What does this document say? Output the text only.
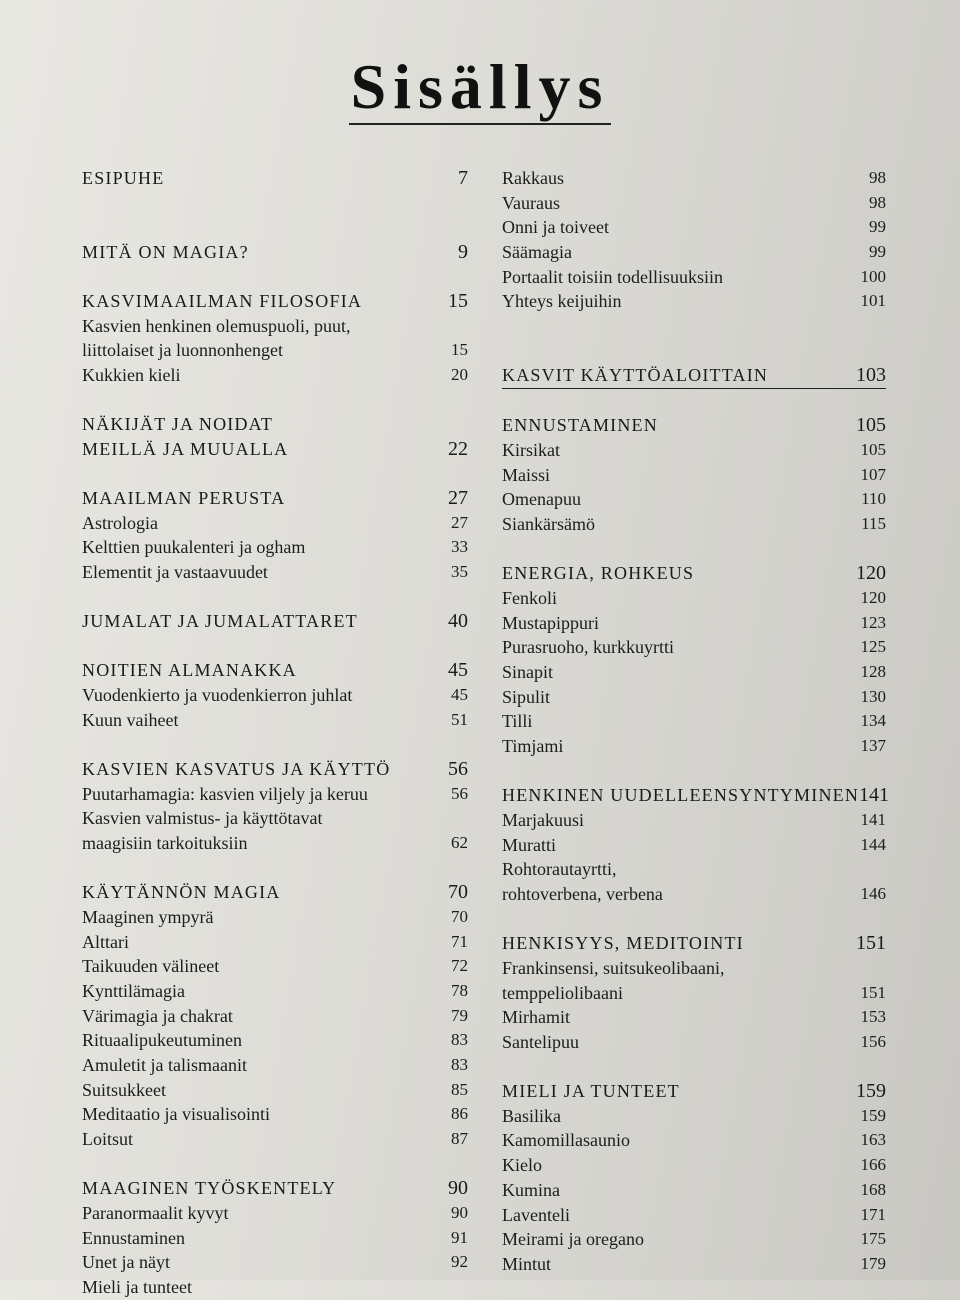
Sisällys
ESIPUHE	7
MITÄ ON MAGIA?	9
KASVIMAAILMAN FILOSOFIA	15
Kasvien henkinen olemuspuoli, puut,
liittolaiset ja luonnonhenget	15
Kukkien kieli	20
NÄKIJÄT JA NOIDAT
MEILLÄ JA MUUALLA	22
MAAILMAN PERUSTA	27
Astrologia	27
Kelttien puukalenteri ja ogham	33
Elementit ja vastaavuudet	35
JUMALAT JA JUMALATTARET	40
NOITIEN ALMANAKKA	45
Vuodenkierto ja vuodenkierron juhlat	45
Kuun vaiheet	51
KASVIEN KASVATUS JA KÄYTTÖ	56
Puutarhamagia: kasvien viljely ja keruu	56
Kasvien valmistus- ja käyttötavat
maagisiin tarkoituksiin	62
KÄYTÄNNÖN MAGIA	70
Maaginen ympyrä	70
Alttari	71
Taikuuden välineet	72
Kynttilämagia	78
Värimagia ja chakrat	79
Rituaalipukeutuminen	83
Amuletit ja talismaanit	83
Suitsukkeet	85
Meditaatio ja visualisointi	86
Loitsut	87
MAAGINEN TYÖSKENTELY	90
Paranormaalit kyvyt	90
Ennustaminen	91
Unet ja näyt	92
Mieli ja tunteet
Rakkaus	98
Vauraus	98
Onni ja toiveet	99
Säämagia	99
Portaalit toisiin todellisuuksiin	100
Yhteys keijuihin	101
KASVIT KÄYTTÖALOITTAIN	103
ENNUSTAMINEN	105
Kirsikat	105
Maissi	107
Omenapuu	110
Siankärsämö	115
ENERGIA, ROHKEUS	120
Fenkoli	120
Mustapippuri	123
Purasruoho, kurkkuyrtti	125
Sinapit	128
Sipulit	130
Tilli	134
Timjami	137
HENKINEN UUDELLEENSYNTYMINEN 141
Marjakuusi	141
Muratti	144
Rohtorautayrtti,
rohtoverbena, verbena	146
HENKISYYS, MEDITOINTI	151
Frankinsensi, suitsukeolibaani,
temppeliolibaani	151
Mirhamit	153
Santelipuu	156
MIELI JA TUNTEET	159
Basilika	159
Kamomillasaunio	163
Kielo	166
Kumina	168
Laventeli	171
Meirami ja oregano	175
Mintut	179
